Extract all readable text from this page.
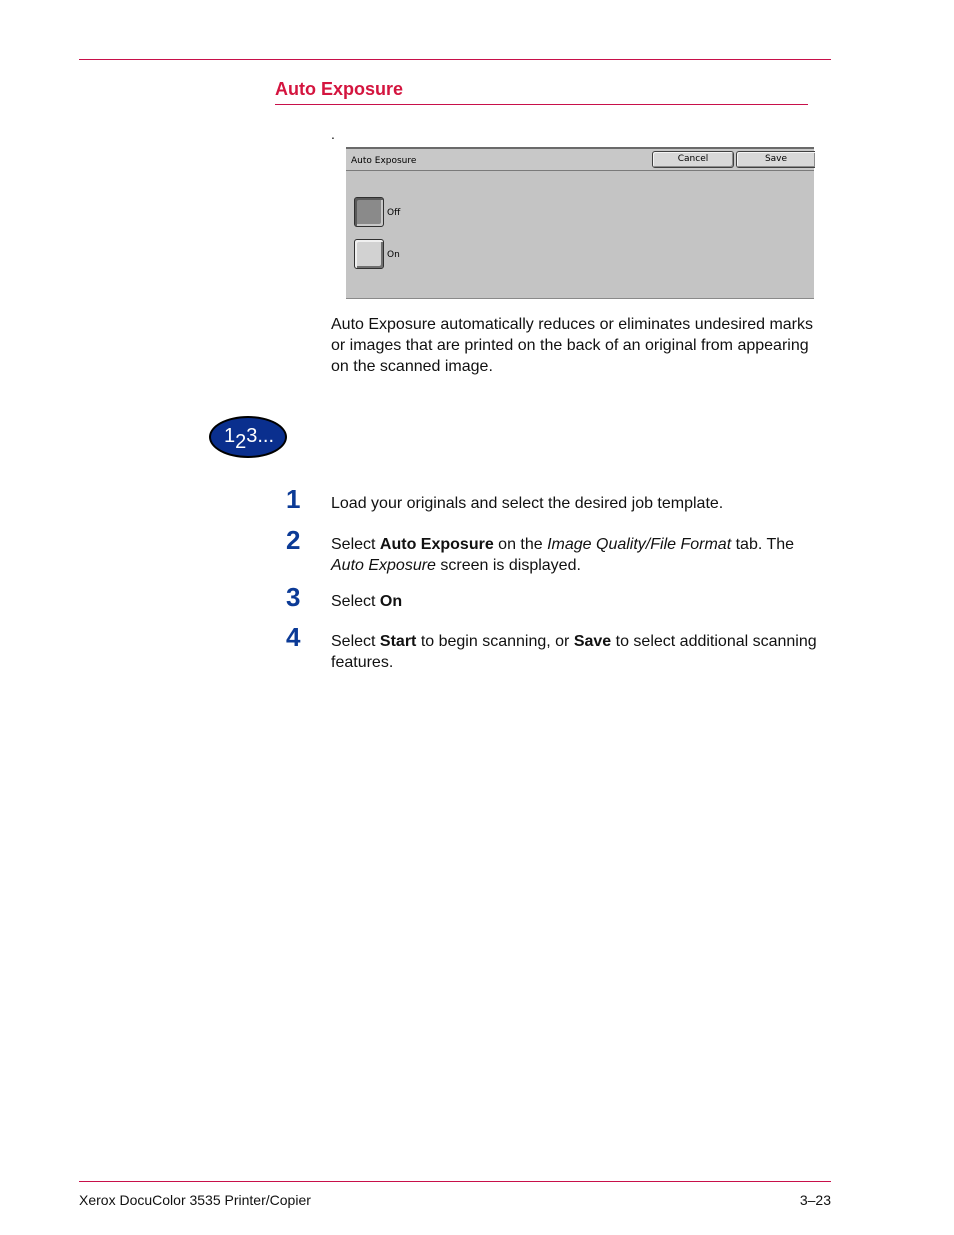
Auto Exposure
.
Auto Exposure	Cancel	Save
Off
On

Auto Exposure automatically reduces or eliminates undesired marks or images that are printed on the back of an original from appearing on the scanned image.

123...
1 Load your originals and select the desired job template.

2 Select Auto Exposure on the Image Quality/File Format tab. The Auto Exposure screen is displayed.

3 Select On

4 Select Start to begin scanning, or Save to select additional scanning features.

Xerox DocuColor 3535 Printer/Copier	3–23
